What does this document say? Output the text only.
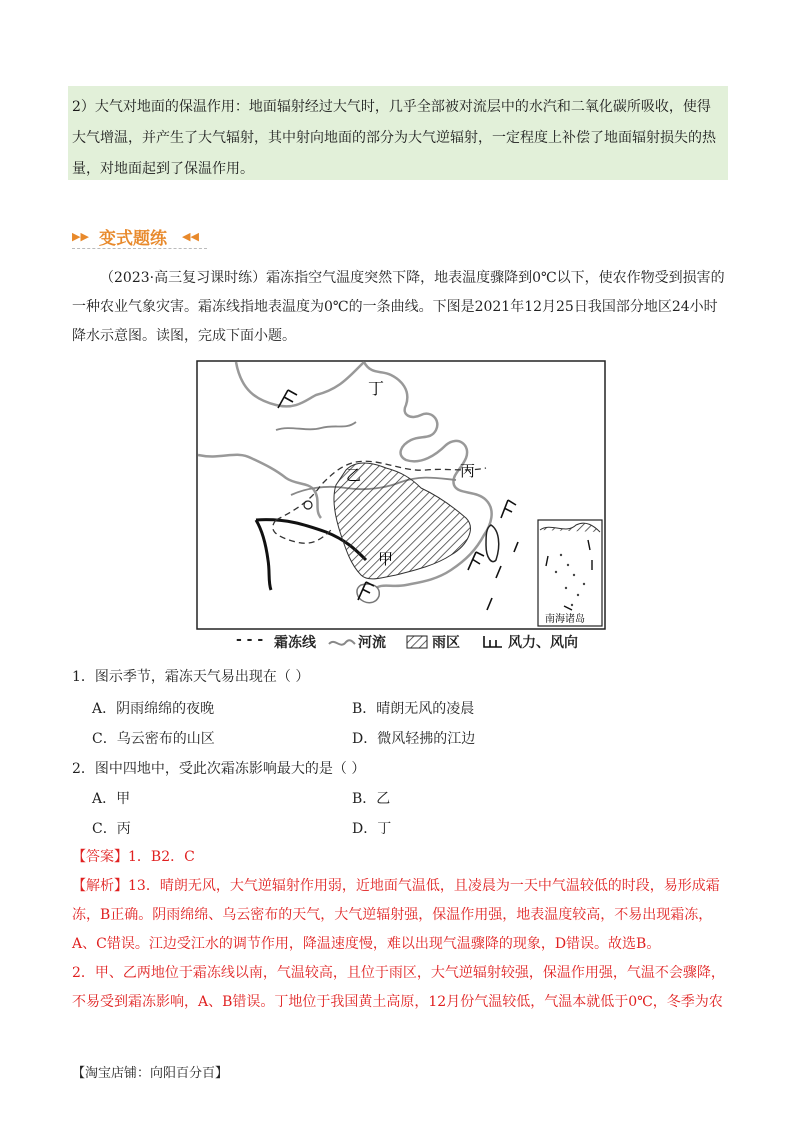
2）大气对地面的保温作用：地面辐射经过大气时，几乎全部被对流层中的水汽和二氧化碳所吸收，使得大气增温，并产生了大气辐射，其中射向地面的部分为大气逆辐射，一定程度上补偿了地面辐射损失的热量，对地面起到了保温作用。
▶▶ 变式题练 ◀◀

（2023·高三复习课时练）霜冻指空气温度突然下降，地表温度骤降到0℃以下，使农作物受到损害的一种农业气象灾害。霜冻线指地表温度为0℃的一条曲线。下图是2021年12月25日我国部分地区24小时降水示意图。读图，完成下面小题。

丁
乙	丙
甲
南海诸岛
- - - 霜冻线	河流	雨区	风力、风向
1．图示季节，霜冻天气易出现在（ ）
A．阴雨绵绵的夜晚	B．晴朗无风的凌晨
C．乌云密布的山区	D．微风轻拂的江边
2．图中四地中，受此次霜冻影响最大的是（ ）
A．甲	B．乙
C．丙	D．丁
【答案】1．B2．C

【解析】13．晴朗无风，大气逆辐射作用弱，近地面气温低，且凌晨为一天中气温较低的时段，易形成霜冻，B正确。阴雨绵绵、乌云密布的天气，大气逆辐射强，保温作用强，地表温度较高，不易出现霜冻，A、C错误。江边受江水的调节作用，降温速度慢，难以出现气温骤降的现象，D错误。故选B。

2．甲、乙两地位于霜冻线以南，气温较高，且位于雨区，大气逆辐射较强，保温作用强，气温不会骤降，不易受到霜冻影响，A、B错误。丁地位于我国黄土高原，12月份气温较低，气温本就低于0℃，冬季为农

【淘宝店铺：向阳百分百】
